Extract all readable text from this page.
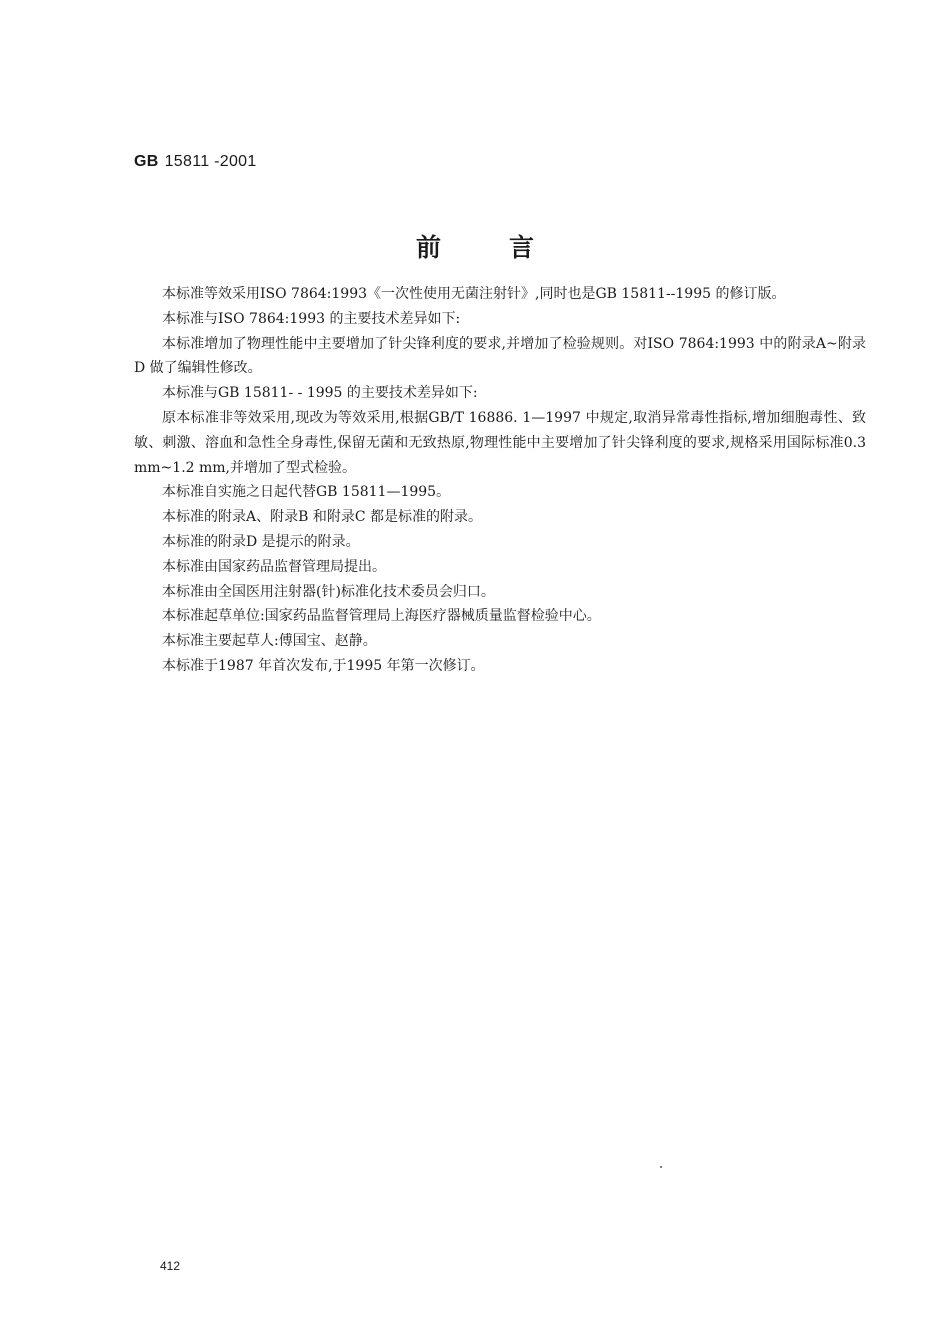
GB 15811 -2001
前言

本标准等效采用ISO 7864:1993《一次性使用无菌注射针》,同时也是GB 15811--1995 的修订版。

本标准与ISO 7864:1993 的主要技术差异如下:

本标准增加了物理性能中主要增加了针尖锋利度的要求,并增加了检验规则。对ISO 7864:1993 中的附录A~附录D 做了编辑性修改。

本标准与GB 15811- - 1995 的主要技术差异如下:

原本标准非等效采用,现改为等效采用,根据GB/T 16886. 1—1997 中规定,取消异常毒性指标,增加细胞毒性、致敏、刺激、溶血和急性全身毒性,保留无菌和无致热原,物理性能中主要增加了针尖锋利度的要求,规格采用国际标准0.3 mm~1.2 mm,并增加了型式检验。

本标准自实施之日起代替GB 15811—1995。

本标准的附录A、附录B 和附录C 都是标准的附录。

本标准的附录D 是提示的附录。

本标准由国家药品监督管理局提出。

本标准由全国医用注射器(针)标准化技术委员会归口。

本标准起草单位:国家药品监督管理局上海医疗器械质量监督检验中心。

本标准主要起草人:傅国宝、赵静。

本标准于1987 年首次发布,于1995 年第一次修订。

412
